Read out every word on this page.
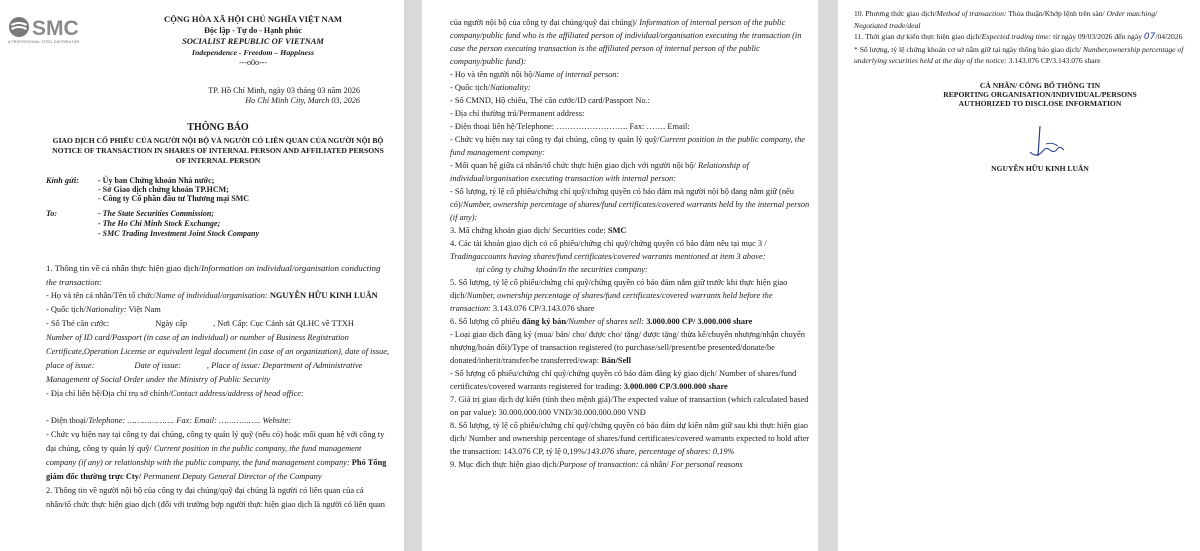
SMC
A PROFESSIONAL STEEL DISTRIBUTOR
CỘNG HÒA XÃ HỘI CHỦ NGHĨA VIỆT NAM
Độc lập - Tự do - Hạnh phúc
SOCIALIST REPUBLIC OF VIETNAM
Independence - Freedom – Happiness
---o0o---
TP. Hồ Chí Minh, ngày 03 tháng 03 năm 2026
Ho Chi Minh City, March 03, 2026
THÔNG BÁO
GIAO DỊCH CỔ PHIẾU CỦA NGƯỜI NỘI BỘ VÀ NGƯỜI CÓ LIÊN QUAN CỦA NGƯỜI NỘI BỘ
NOTICE OF TRANSACTION IN SHARES OF INTERNAL PERSON AND AFFILIATED PERSONS OF INTERNAL PERSON
Kính gửi:	- Ủy ban Chứng khoán Nhà nước;
- Sở Giao dịch chứng khoán TP.HCM;
- Công ty Cổ phần đầu tư Thương mại SMC
To:	- The State Securities Commission;
- The Ho Chi Minh Stock Exchange;
- SMC Trading Investment Joint Stock Company

1. Thông tin về cá nhân thực hiện giao dịch/Information on individual/organisation conducting the transaction:

- Họ và tên cá nhân/Tên tổ chức/Name of individual/organisation: NGUYỄN HỮU KINH LUÂN

- Quốc tịch/Nationality: Việt Nam

- Số Thẻ căn cước:	Ngày cấp	, Nơi Cấp: Cục Cảnh sát QLHC về TTXH

Number of ID card/Passport (in case of an individual) or number of Business Registration Certificate,Operation License or equivalent legal document (in case of an organization), date of issue, place of issue:	Date of issue:	, Place of issue: Department of Administrative Management of Social Order under the Ministry of Public Security

- Địa chỉ liên hệ/Địa chỉ trụ sở chính/Contact address/address of head office:

- Điện thoại/Telephone: ………………. Fax: Email: …………….. Website:

- Chức vụ hiện nay tại công ty đại chúng, công ty quản lý quỹ (nếu có) hoặc mối quan hệ với công ty đại chúng, công ty quản lý quỹ/ Current position in the public company, the fund management company (if any) or relationship with the public company, the fund management company: Phó Tổng giám đốc thường trực Cty/ Permanent Deputy General Director of the Company

2. Thông tin về người nội bộ của công ty đại chúng/quỹ đại chúng là người có liên quan của cá nhân/tổ chức thực hiện giao dịch (đối với trường hợp người thực hiện giao dịch là người có liên quan

của người nội bộ của công ty đại chúng/quỹ đại chúng)/ Information of internal person of the public company/public fund who is the affiliated person of individual/organisation executing the transaction (in case the person executing transaction is the affiliated person of internal person of the public company/public fund):

- Họ và tên người nội bộ/Name of internal person:

- Quốc tịch/Nationality:

- Số CMND, Hộ chiếu, Thẻ căn cước/ID card/Passport No.:

- Địa chỉ thường trú/Permanent address:

- Điện thoại liên hệ/Telephone: …………………….. Fax: ……. Email:

- Chức vụ hiện nay tại công ty đại chúng, công ty quản lý quỹ/Current position in the public company, the fund management company:

- Mối quan hệ giữa cá nhân/tổ chức thực hiện giao dịch với người nội bộ/ Relationship of individual/organisation executing transaction with internal person:

- Số lượng, tỷ lệ cổ phiếu/chứng chỉ quỹ/chứng quyền có bảo đảm mà người nội bộ đang nắm giữ (nếu có)/Number, ownership percentage of shares/fund certificates/covered warrants held by the internal person (if any):

3. Mã chứng khoán giao dịch/ Securities code: SMC

4. Các tài khoản giao dịch có cổ phiếu/chứng chỉ quỹ/chứng quyền có bảo đảm nêu tại mục 3 / Tradingaccounts having shares/fund certificates/covered warrants mentioned at item 3 above:

tại công ty chứng khoán/In the securities company:

5. Số lượng, tỷ lệ cổ phiếu/chứng chỉ quỹ/chứng quyền có bảo đảm nắm giữ trước khi thực hiện giao dịch/Number, ownership percentage of shares/fund certificates/covered warrants held before the transaction: 3.143.076 CP/3.143.076 share

6. Số lượng cổ phiếu đăng ký bán/Number of shares sell: 3.000.000 CP/ 3.000.000 share

- Loại giao dịch đăng ký (mua/ bán/ cho/ được cho/ tặng/ được tặng/ thừa kế/chuyển nhượng/nhận chuyển nhượng/hoán đổi)/Type of transaction registered (to purchase/sell/present/be presented/donate/be donated/inherit/transfer/be transferred/swap: Bán/Sell

- Số lượng cổ phiếu/chứng chỉ quỹ/chứng quyền có bảo đảm đăng ký giao dịch/ Number of shares/fund certificates/covered warrants registered for trading: 3.000.000 CP/3.000.000 share

7. Giá trị giao dịch dự kiến (tính theo mệnh giá)/The expected value of transaction (which calculated based on par value): 30.000.000.000 VNĐ/30.000.000.000 VNĐ

8. Số lượng, tỷ lệ cổ phiếu/chứng chỉ quỹ/chứng quyền có bảo đảm dự kiến nắm giữ sau khi thực hiện giao dịch/ Number and ownership percentage of shares/fund certificates/covered warrants expected to hold after the transaction: 143.076 CP, tỷ lệ 0,19%/143.076 share, percentage of shares: 0,19%

9. Mục đích thực hiện giao dịch/Purpose of transaction: cá nhân/ For personal reasons

10. Phương thức giao dịch/Method of transaction: Thỏa thuận/Khớp lệnh trên sàn/ Order matching/ Negotiated trade/deal

11. Thời gian dự kiến thực hiện giao dịch/Expected trading time: từ ngày 09/03/2026 đến ngày 07/04/2026

* Số lượng, tỷ lệ chứng khoán cơ sở nắm giữ tại ngày thông báo giao dịch/ Number,ownership percentage of underlying securities held at the day of the notice: 3.143.076 CP/3.143.076 share

CÁ NHÂN/ CÔNG BỐ THÔNG TIN
REPORTING ORGANISATION/INDIVIDUAL/PERSONS
AUTHORIZED TO DISCLOSE INFORMATION
NGUYỄN HỮU KINH LUÂN
